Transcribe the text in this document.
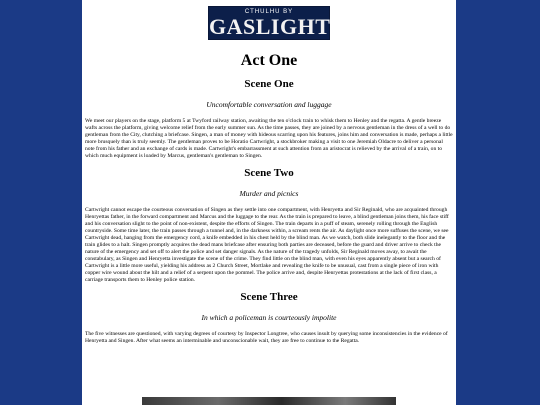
CTHULHU BY
GASLIGHT
Act One
Scene One
Uncomfortable conversation and luggage
We meet our players on the stage, platform 5 at Twyford railway station, awaiting the ten o'clock train to whisk them to Henley and the regatta. A gentle breeze wafts across the platform, giving welcome relief from the early summer sun. As the time passes, they are joined by a nervous gentleman in the dress of a well to do gentleman from the City, clutching a briefcase. Singen, a man of money with hideous scarring upon his features, joins him and conversation is made, perhaps a little more brusquely than is truly seemly. The gentleman proves to be Horatio Cartwright, a stockbroker making a visit to one Jeremiah Oldacre to deliver a personal note from his father and an exchange of cards is made. Cartwright's embarrassment at such attention from an aristocrat is relieved by the arrival of a train, on to which much equipment is loaded by Marcus, gentleman's gentleman to Singen.
Scene Two
Murder and picnics
Cartwright cannot escape the courteous conversation of Singen as they settle into one compartment, with Henryetta and Sir Reginald, who are acquainted through Henryettas father, in the forward compartment and Marcus and the luggage to the rear. As the train is prepared to leave, a blind gentleman joins them, his face stiff and his conversation slight to the point of non-existent, despite the efforts of Singen. The train departs in a puff of steam, serenely rolling through the English countryside. Some time later, the train passes through a tunnel and, in the darkness within, a scream rents the air. As daylight once more suffuses the scene, we see Cartwright dead, hanging from the emergency cord, a knife embedded in his chest held by the blind man. As we watch, both slide inelegantly to the floor and the train glides to a halt. Singen promptly acquires the dead mans briefcase after ensuring both parties are deceased, before the guard and driver arrive to check the nature of the emergency and set off to alert the police and set danger signals. As the nature of the tragedy unfolds, Sir Reginald moves away, to await the constabulary, as Singen and Henryetta investigate the scene of the crime. They find little on the blind man, with even his eyes apparently absent but a search of Cartwright is a little more useful, yielding his address as 2 Church Street, Mortlake and revealing the knife to be unusual, cast from a single piece of iron with copper wire wound about the hilt and a relief of a serpent upon the pommel. The police arrive and, despite Henryettas protestations at the lack of first class, a carriage transports them to Henley police station.
Scene Three
In which a policeman is courteously impolite
The five witnesses are questioned, with varying degrees of courtesy by Inspector Longtree, who causes insult by querying some inconsistencies in the evidence of Henryetta and Singen. After what seems an interminable and unconscionable wait, they are free to continue to the Regatta.
